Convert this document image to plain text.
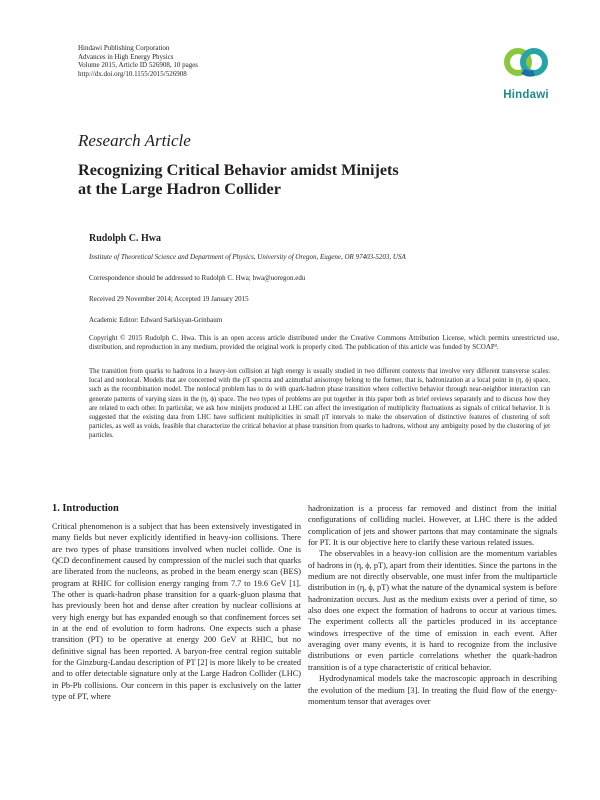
Hindawi Publishing Corporation
Advances in High Energy Physics
Volume 2015, Article ID 526908, 10 pages
http://dx.doi.org/10.1155/2015/526908
Hindawi
Research Article
Recognizing Critical Behavior amidst Minijets
at the Large Hadron Collider
Rudolph C. Hwa
Institute of Theoretical Science and Department of Physics, University of Oregon, Eugene, OR 97403-5203, USA
Correspondence should be addressed to Rudolph C. Hwa; hwa@uoregon.edu
Received 29 November 2014; Accepted 19 January 2015
Academic Editor: Edward Sarkisyan-Grinbaum
Copyright © 2015 Rudolph C. Hwa. This is an open access article distributed under the Creative Commons Attribution License, which permits unrestricted use, distribution, and reproduction in any medium, provided the original work is properly cited. The publication of this article was funded by SCOAP³.
The transition from quarks to hadrons in a heavy-ion collision at high energy is usually studied in two different contexts that involve very different transverse scales: local and nonlocal. Models that are concerned with the pT spectra and azimuthal anisotropy belong to the former, that is, hadronization at a local point in (η, ϕ) space, such as the recombination model. The nonlocal problem has to do with quark-hadron phase transition where collective behavior through near-neighbor interaction can generate patterns of varying sizes in the (η, ϕ) space. The two types of problems are put together in this paper both as brief reviews separately and to discuss how they are related to each other. In particular, we ask how minijets produced at LHC can affect the investigation of multiplicity fluctuations as signals of critical behavior. It is suggested that the existing data from LHC have sufficient multiplicities in small pT intervals to make the observation of distinctive features of clustering of soft particles, as well as voids, feasible that characterize the critical behavior at phase transition from quarks to hadrons, without any ambiguity posed by the clustering of jet particles.
1. Introduction

Critical phenomenon is a subject that has been extensively investigated in many fields but never explicitly identified in heavy-ion collisions. There are two types of phase transitions involved when nuclei collide. One is QCD deconfinement caused by compression of the nuclei such that quarks are liberated from the nucleons, as probed in the beam energy scan (BES) program at RHIC for collision energy ranging from 7.7 to 19.6 GeV [1]. The other is quark-hadron phase transition for a quark-gluon plasma that has previously been hot and dense after creation by nuclear collisions at very high energy but has expanded enough so that confinement forces set in at the end of evolution to form hadrons. One expects such a phase transition (PT) to be operative at energy 200 GeV at RHIC, but no definitive signal has been reported. A baryon-free central region suitable for the Ginzburg-Landau description of PT [2] is more likely to be created and to offer detectable signature only at the Large Hadron Collider (LHC) in Pb-Pb collisions. Our concern in this paper is exclusively on the latter type of PT, where

hadronization is a process far removed and distinct from the initial configurations of colliding nuclei. However, at LHC there is the added complication of jets and shower partons that may contaminate the signals for PT. It is our objective here to clarify these various related issues.

The observables in a heavy-ion collision are the momentum variables of hadrons in (η, ϕ, pT), apart from their identities. Since the partons in the medium are not directly observable, one must infer from the multiparticle distribution in (η, ϕ, pT) what the nature of the dynamical system is before hadronization occurs. Just as the medium exists over a period of time, so also does one expect the formation of hadrons to occur at various times. The experiment collects all the particles produced in its acceptance windows irrespective of the time of emission in each event. After averaging over many events, it is hard to recognize from the inclusive distributions or even particle correlations whether the quark-hadron transition is of a type characteristic of critical behavior.

Hydrodynamical models take the macroscopic approach in describing the evolution of the medium [3]. In treating the fluid flow of the energy-momentum tensor that averages over
